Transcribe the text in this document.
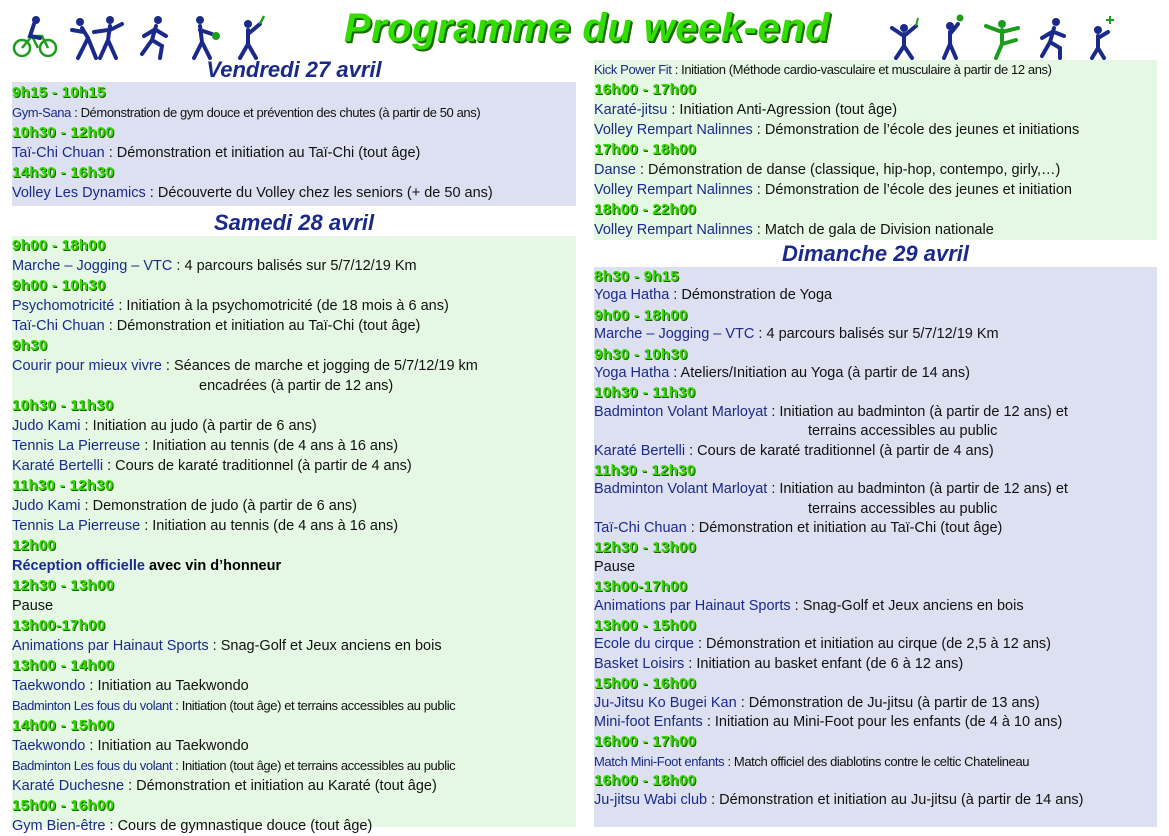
Programme du week-end
Vendredi 27 avril
9h15 - 10h15
Gym-Sana : Démonstration de gym douce et prévention des chutes (à partir de 50 ans)
10h30 - 12h00
Taï-Chi Chuan : Démonstration et initiation au Taï-Chi (tout âge)
14h30 - 16h30
Volley Les Dynamics : Découverte du Volley chez les seniors (+ de 50 ans)
Samedi 28 avril
9h00 - 18h00
Marche – Jogging – VTC : 4 parcours balisés sur 5/7/12/19 Km
9h00 - 10h30
Psychomotricité : Initiation à la psychomotricité (de 18 mois à 6 ans)
Taï-Chi Chuan : Démonstration et initiation au Taï-Chi (tout âge)
9h30
Courir pour mieux vivre : Séances de marche et jogging de 5/7/12/19 km
encadrées (à partir de 12 ans)
10h30 - 11h30
Judo Kami : Initiation au judo (à partir de 6 ans)
Tennis La Pierreuse : Initiation au tennis (de 4 ans à 16 ans)
Karaté Bertelli : Cours de karaté traditionnel (à partir de 4 ans)
11h30 - 12h30
Judo Kami : Demonstration de judo (à partir de 6 ans)
Tennis La Pierreuse : Initiation au tennis (de 4 ans à 16 ans)
12h00
Réception officielle avec vin d’honneur
12h30 - 13h00
Pause
13h00-17h00
Animations par Hainaut Sports : Snag-Golf et Jeux anciens en bois
13h00 - 14h00
Taekwondo : Initiation au Taekwondo
Badminton Les fous du volant : Initiation (tout âge) et terrains accessibles au public
14h00 - 15h00
Taekwondo : Initiation au Taekwondo
Badminton Les fous du volant : Initiation (tout âge) et terrains accessibles au public
Karaté Duchesne : Démonstration et initiation au Karaté (tout âge)
15h00 - 16h00
Gym Bien-être : Cours de gymnastique douce (tout âge)
Kick Power Fit : Initiation (Méthode cardio-vasculaire et musculaire à partir de 12 ans)
16h00 - 17h00
Karaté-jitsu : Initiation Anti-Agression (tout âge)
Volley Rempart Nalinnes : Démonstration de l’école des jeunes et initiations
17h00 - 18h00
Danse : Démonstration de danse (classique, hip-hop, contempo, girly,…)
Volley Rempart Nalinnes : Démonstration de l’école des jeunes et initiation
18h00 - 22h00
Volley Rempart Nalinnes : Match de gala de Division nationale
Dimanche 29 avril
8h30 - 9h15
Yoga Hatha : Démonstration de Yoga
9h00 - 18h00
Marche – Jogging – VTC : 4 parcours balisés sur 5/7/12/19 Km
9h30 - 10h30
Yoga Hatha : Ateliers/Initiation au Yoga (à partir de 14 ans)
10h30 - 11h30
Badminton Volant Marloyat : Initiation au badminton (à partir de 12 ans) et
terrains accessibles au public
Karaté Bertelli : Cours de karaté traditionnel (à partir de 4 ans)
11h30 - 12h30
Badminton Volant Marloyat : Initiation au badminton (à partir de 12 ans) et
terrains accessibles au public
Taï-Chi Chuan : Démonstration et initiation au Taï-Chi (tout âge)
12h30 - 13h00
Pause
13h00-17h00
Animations par Hainaut Sports : Snag-Golf et Jeux anciens en bois
13h00 - 15h00
Ecole du cirque : Démonstration et initiation au cirque (de 2,5 à 12 ans)
Basket Loisirs : Initiation au basket enfant (de 6 à 12 ans)
15h00 - 16h00
Ju-Jitsu Ko Bugei Kan : Démonstration de Ju-jitsu (à partir de 13 ans)
Mini-foot Enfants : Initiation au Mini-Foot pour les enfants (de 4 à 10 ans)
16h00 - 17h00
Match Mini-Foot enfants : Match officiel des diablotins contre le celtic Chatelineau
16h00 - 18h00
Ju-jitsu Wabi club : Démonstration et initiation au Ju-jitsu (à partir de 14 ans)
